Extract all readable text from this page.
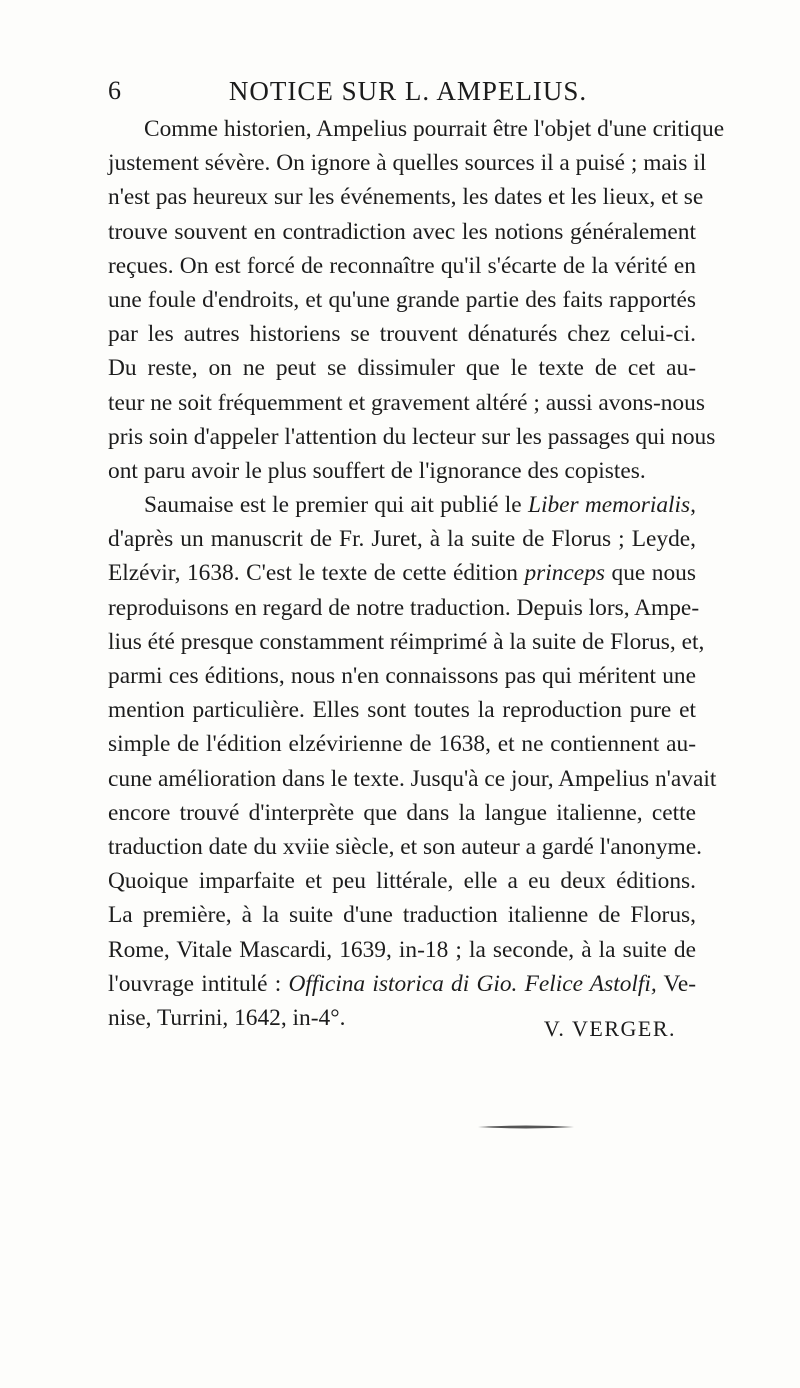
6	NOTICE SUR L. AMPELIUS.
Comme historien, Ampelius pourrait être l'objet d'une critique
justement sévère. On ignore à quelles sources il a puisé ; mais il
n'est pas heureux sur les événements, les dates et les lieux, et se
trouve souvent en contradiction avec les notions généralement
reçues. On est forcé de reconnaître qu'il s'écarte de la vérité en
une foule d'endroits, et qu'une grande partie des faits rapportés
par les autres historiens se trouvent dénaturés chez celui-ci.
Du reste, on ne peut se dissimuler que le texte de cet au-
teur ne soit fréquemment et gravement altéré ; aussi avons-nous
pris soin d'appeler l'attention du lecteur sur les passages qui nous
ont paru avoir le plus souffert de l'ignorance des copistes.
Saumaise est le premier qui ait publié le Liber memorialis,
d'après un manuscrit de Fr. Juret, à la suite de Florus ; Leyde,
Elzévir, 1638. C'est le texte de cette édition princeps que nous
reproduisons en regard de notre traduction. Depuis lors, Ampe-
lius été presque constamment réimprimé à la suite de Florus, et,
parmi ces éditions, nous n'en connaissons pas qui méritent une
mention particulière. Elles sont toutes la reproduction pure et
simple de l'édition elzévirienne de 1638, et ne contiennent au-
cune amélioration dans le texte. Jusqu'à ce jour, Ampelius n'avait
encore trouvé d'interprète que dans la langue italienne, cette
traduction date du xviie siècle, et son auteur a gardé l'anonyme.
Quoique imparfaite et peu littérale, elle a eu deux éditions.
La première, à la suite d'une traduction italienne de Florus,
Rome, Vitale Mascardi, 1639, in-18 ; la seconde, à la suite de
l'ouvrage intitulé : Officina istorica di Gio. Felice Astolfi, Ve-
nise, Turrini, 1642, in-4°.	V. VERGER.
